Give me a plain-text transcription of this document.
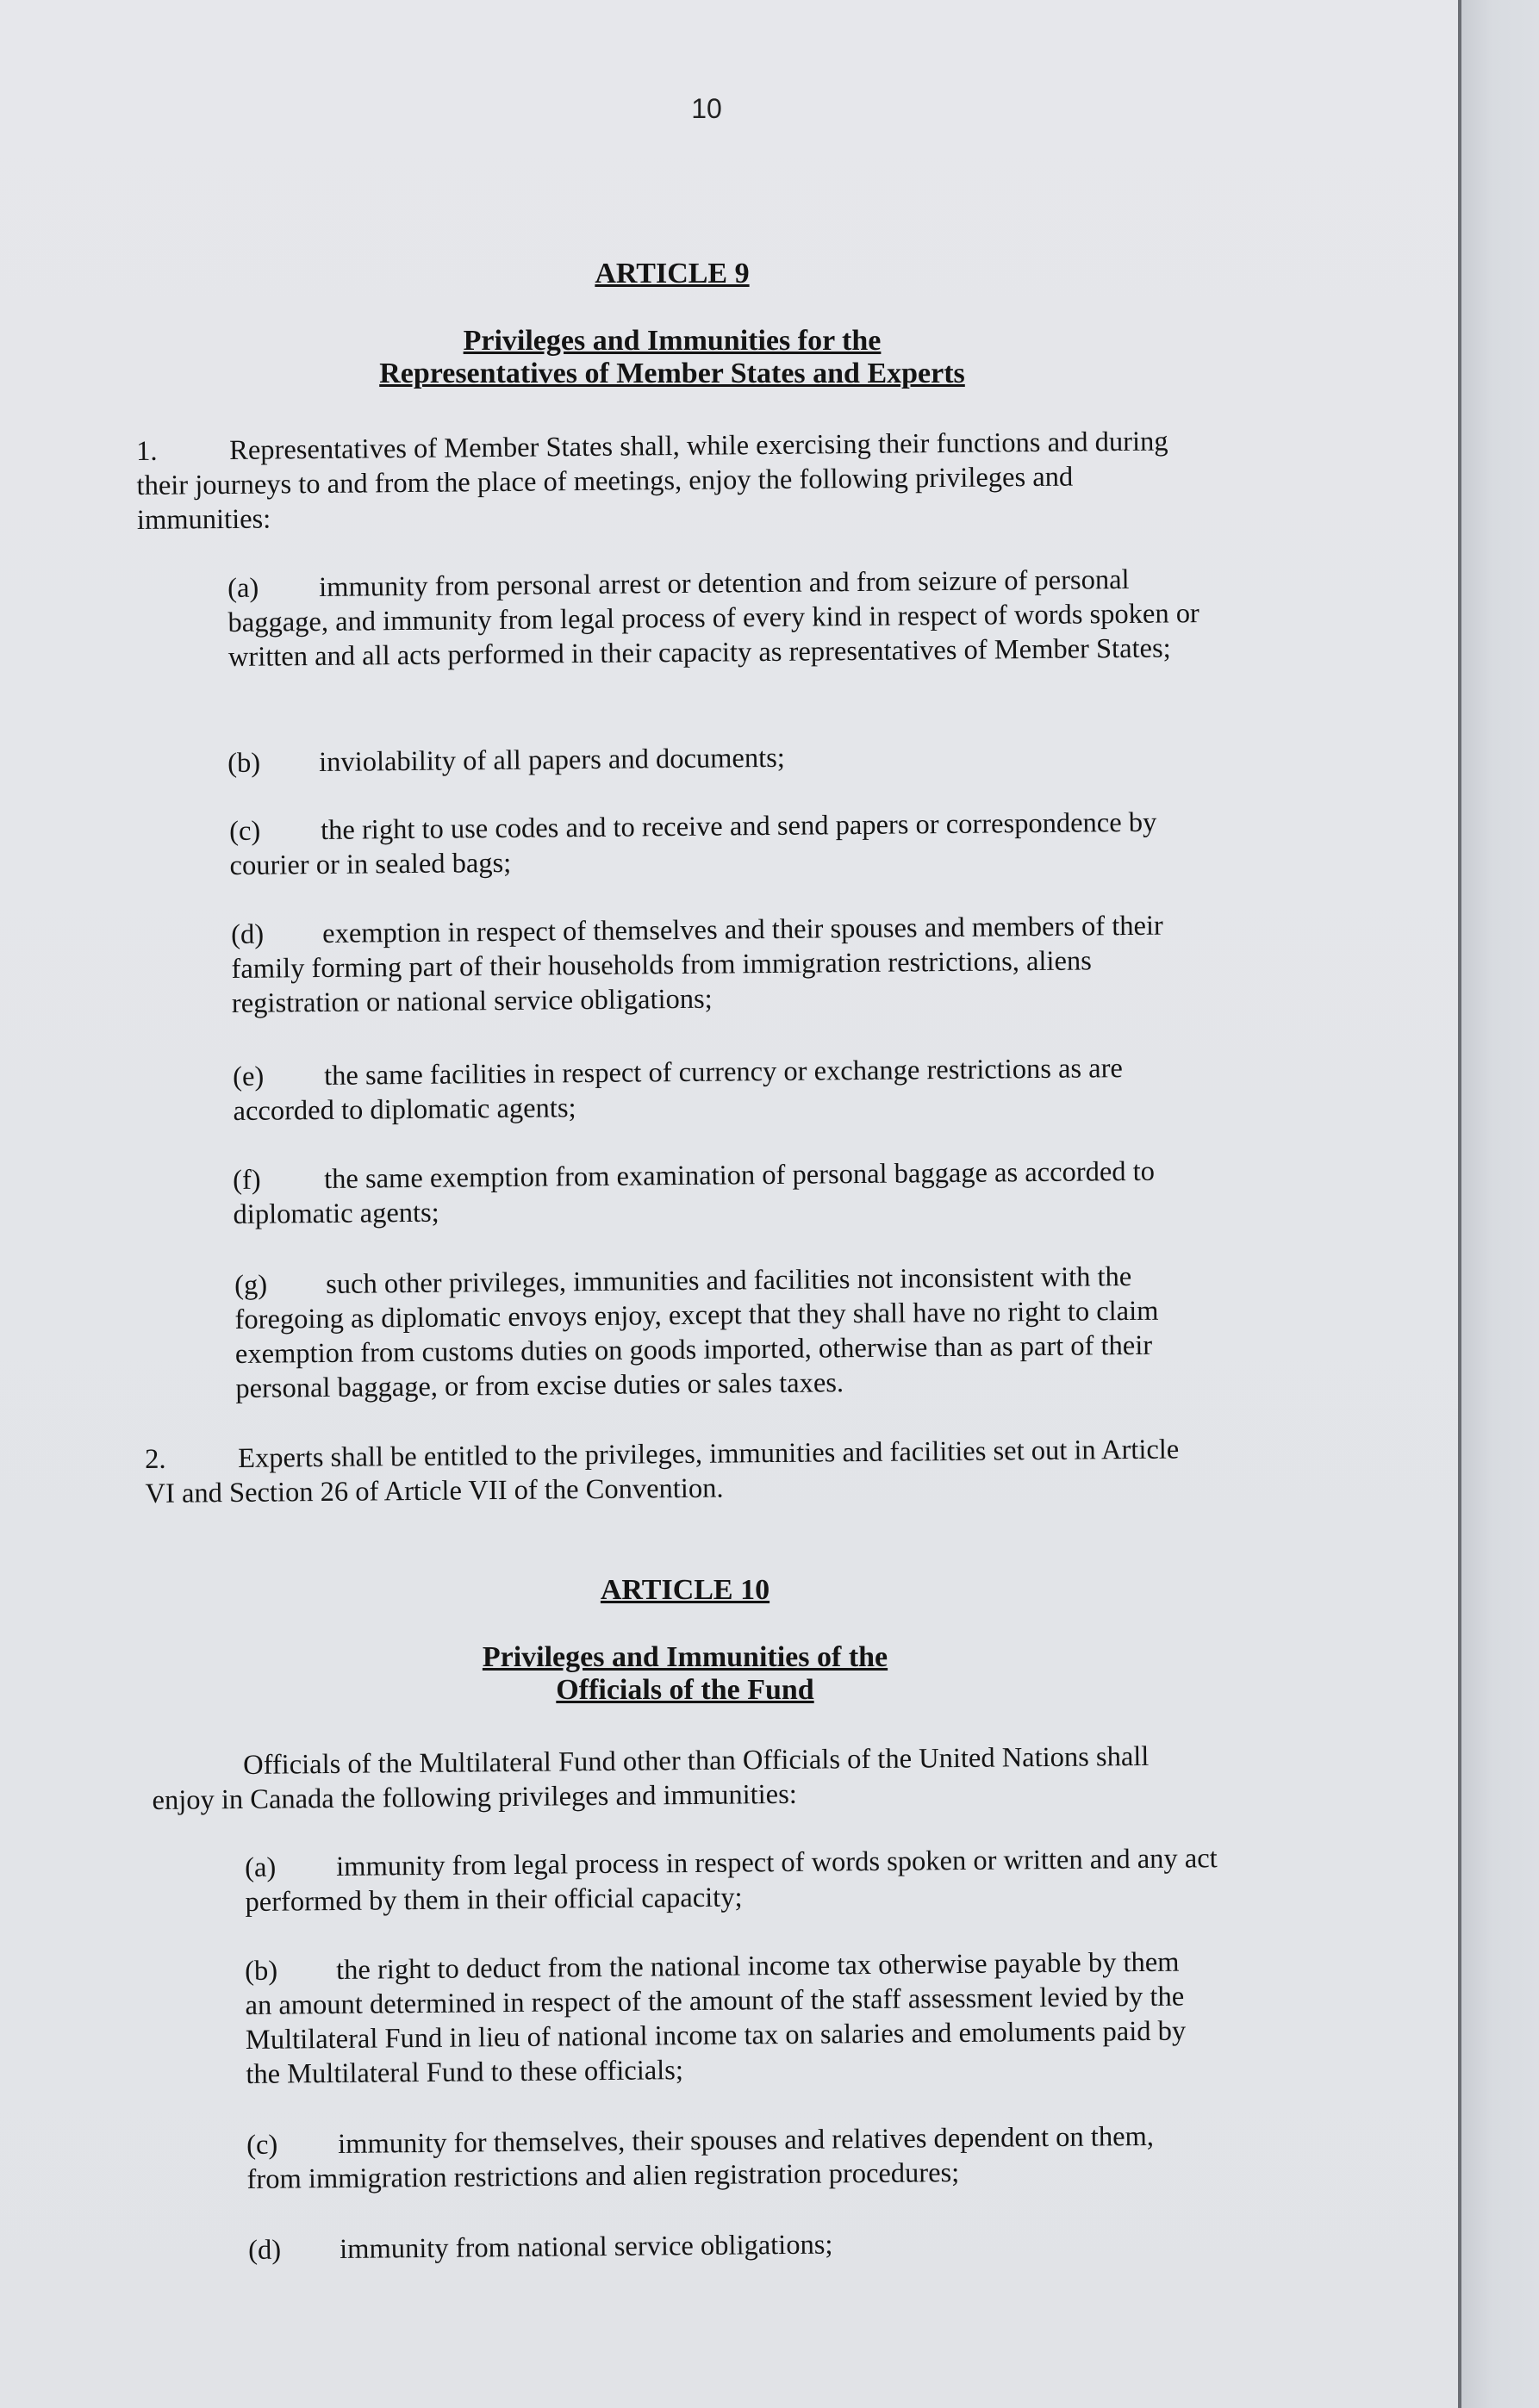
10
ARTICLE 9
Privileges and Immunities for the
Representatives of Member States and Experts

1.	Representatives of Member States shall, while exercising their functions and during their journeys to and from the place of meetings, enjoy the following privileges and immunities:

(a) immunity from personal arrest or detention and from seizure of personal baggage, and immunity from legal process of every kind in respect of words spoken or written and all acts performed in their capacity as representatives of Member States;

(b) inviolability of all papers and documents;

(c) the right to use codes and to receive and send papers or correspondence by courier or in sealed bags;

(d) exemption in respect of themselves and their spouses and members of their family forming part of their households from immigration restrictions, aliens registration or national service obligations;

(e) the same facilities in respect of currency or exchange restrictions as are accorded to diplomatic agents;

(f) the same exemption from examination of personal baggage as accorded to diplomatic agents;

(g) such other privileges, immunities and facilities not inconsistent with the foregoing as diplomatic envoys enjoy, except that they shall have no right to claim exemption from customs duties on goods imported, otherwise than as part of their personal baggage, or from excise duties or sales taxes.

2.	Experts shall be entitled to the privileges, immunities and facilities set out in Article VI and Section 26 of Article VII of the Convention.

ARTICLE 10
Privileges and Immunities of the
Officials of the Fund

Officials of the Multilateral Fund other than Officials of the United Nations shall enjoy in Canada the following privileges and immunities:

(a) immunity from legal process in respect of words spoken or written and any act performed by them in their official capacity;

(b) the right to deduct from the national income tax otherwise payable by them an amount determined in respect of the amount of the staff assessment levied by the Multilateral Fund in lieu of national income tax on salaries and emoluments paid by the Multilateral Fund to these officials;

(c) immunity for themselves, their spouses and relatives dependent on them, from immigration restrictions and alien registration procedures;

(d) immunity from national service obligations;
